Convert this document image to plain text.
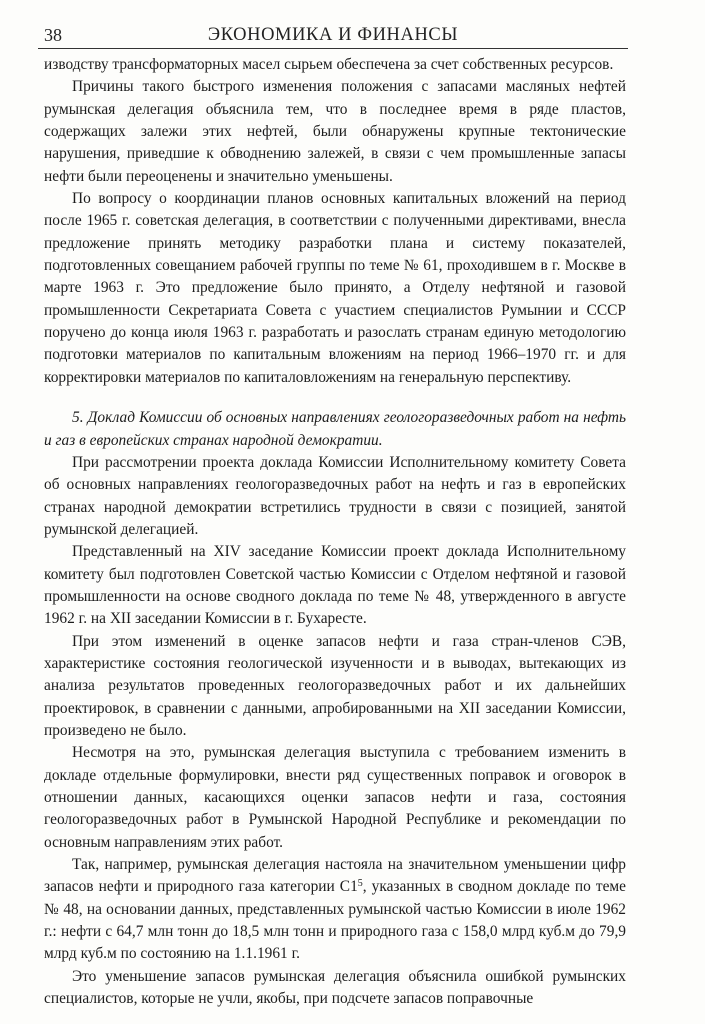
38	ЭКОНОМИКА И ФИНАНСЫ

изводству трансформаторных масел сырьем обеспечена за счет собственных ресурсов.

Причины такого быстрого изменения положения с запасами масляных нефтей румынская делегация объяснила тем, что в последнее время в ряде пластов, содержащих залежи этих нефтей, были обнаружены крупные тектонические нарушения, приведшие к обводнению залежей, в связи с чем промышленные запасы нефти были переоценены и значительно уменьшены.

По вопросу о координации планов основных капитальных вложений на период после 1965 г. советская делегация, в соответствии с полученными директивами, внесла предложение принять методику разработки плана и систему показателей, подготовленных совещанием рабочей группы по теме № 61, проходившем в г. Москве в марте 1963 г. Это предложение было принято, а Отделу нефтяной и газовой промышленности Секретариата Совета с участием специалистов Румынии и СССР поручено до конца июля 1963 г. разработать и разослать странам единую методологию подготовки материалов по капитальным вложениям на период 1966–1970 гг. и для корректировки материалов по капиталовложениям на генеральную перспективу.

5. Доклад Комиссии об основных направлениях геологоразведочных работ на нефть и газ в европейских странах народной демократии.

При рассмотрении проекта доклада Комиссии Исполнительному комитету Совета об основных направлениях геологоразведочных работ на нефть и газ в европейских странах народной демократии встретились трудности в связи с позицией, занятой румынской делегацией.

Представленный на XIV заседание Комиссии проект доклада Исполнительному комитету был подготовлен Советской частью Комиссии с Отделом нефтяной и газовой промышленности на основе сводного доклада по теме № 48, утвержденного в августе 1962 г. на XII заседании Комиссии в г. Бухаресте.

При этом изменений в оценке запасов нефти и газа стран-членов СЭВ, характеристике состояния геологической изученности и в выводах, вытекающих из анализа результатов проведенных геологоразведочных работ и их дальнейших проектировок, в сравнении с данными, апробированными на XII заседании Комиссии, произведено не было.

Несмотря на это, румынская делегация выступила с требованием изменить в докладе отдельные формулировки, внести ряд существенных поправок и оговорок в отношении данных, касающихся оценки запасов нефти и газа, состояния геологоразведочных работ в Румынской Народной Республике и рекомендации по основным направлениям этих работ.

Так, например, румынская делегация настояла на значительном уменьшении цифр запасов нефти и природного газа категории $С1^5$, указанных в сводном докладе по теме № 48, на основании данных, представленных румынской частью Комиссии в июле 1962 г.: нефти с 64,7 млн тонн до 18,5 млн тонн и природного газа с 158,0 млрд куб.м до 79,9 млрд куб.м по состоянию на 1.1.1961 г.

Это уменьшение запасов румынская делегация объяснила ошибкой румынских специалистов, которые не учли, якобы, при подсчете запасов поправочные
